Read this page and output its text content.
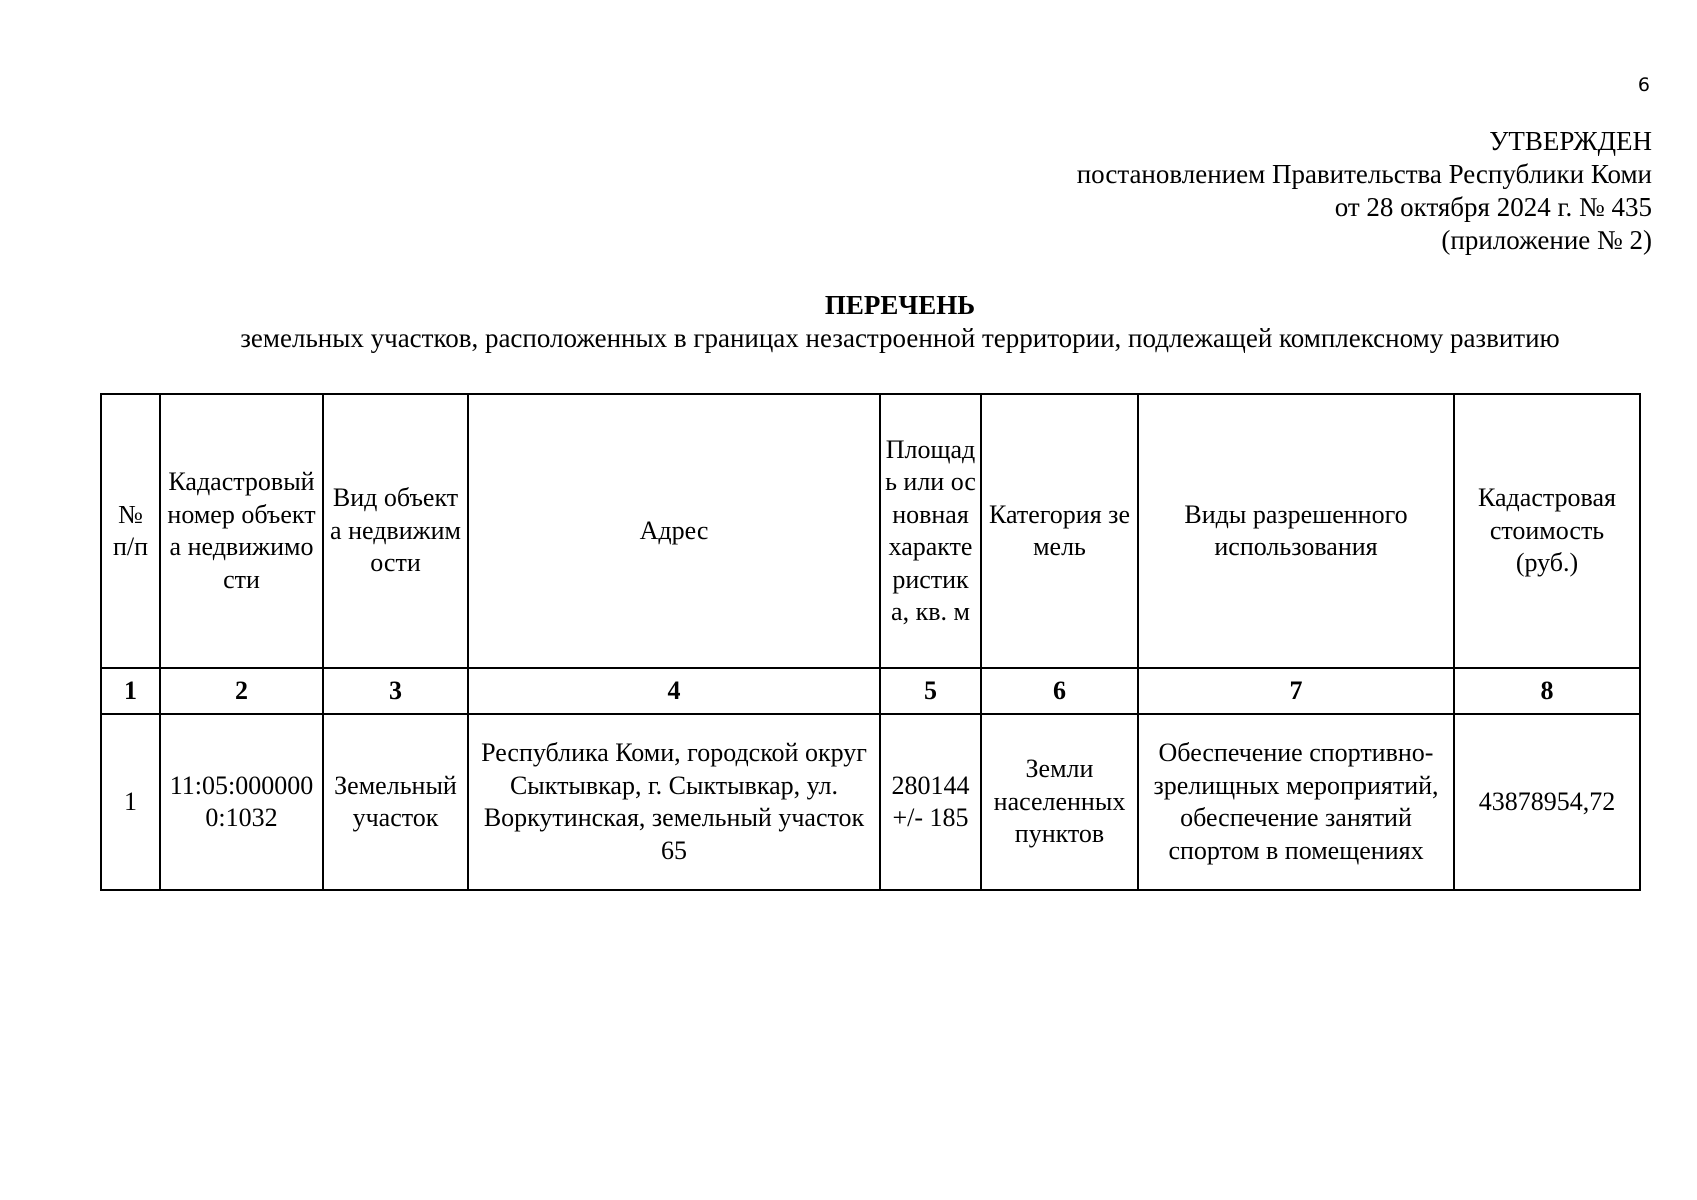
6
УТВЕРЖДЕН
постановлением Правительства Республики Коми
от 28 октября 2024 г. № 435
(приложение № 2)
ПЕРЕЧЕНЬ
земельных участков, расположенных в границах незастроенной территории, подлежащей комплексному развитию
№ п/п	Кадастровый номер объекта недвижимости	Вид объекта недвижимости	Адрес	Площадь или основная характеристика, кв. м	Категория земель	Виды разрешенного использования	Кадастровая стоимость (руб.)
1	2	3	4	5	6	7	8
1	11:05:0000000:1032	Земельный участок	Республика Коми, городской округ Сыктывкар, г. Сыктывкар, ул. Воркутинская, земельный участок 65	280144 +/- 185	Земли населенных пунктов	Обеспечение спортивно-зрелищных мероприятий, обеспечение занятий спортом в помещениях	43878954,72
